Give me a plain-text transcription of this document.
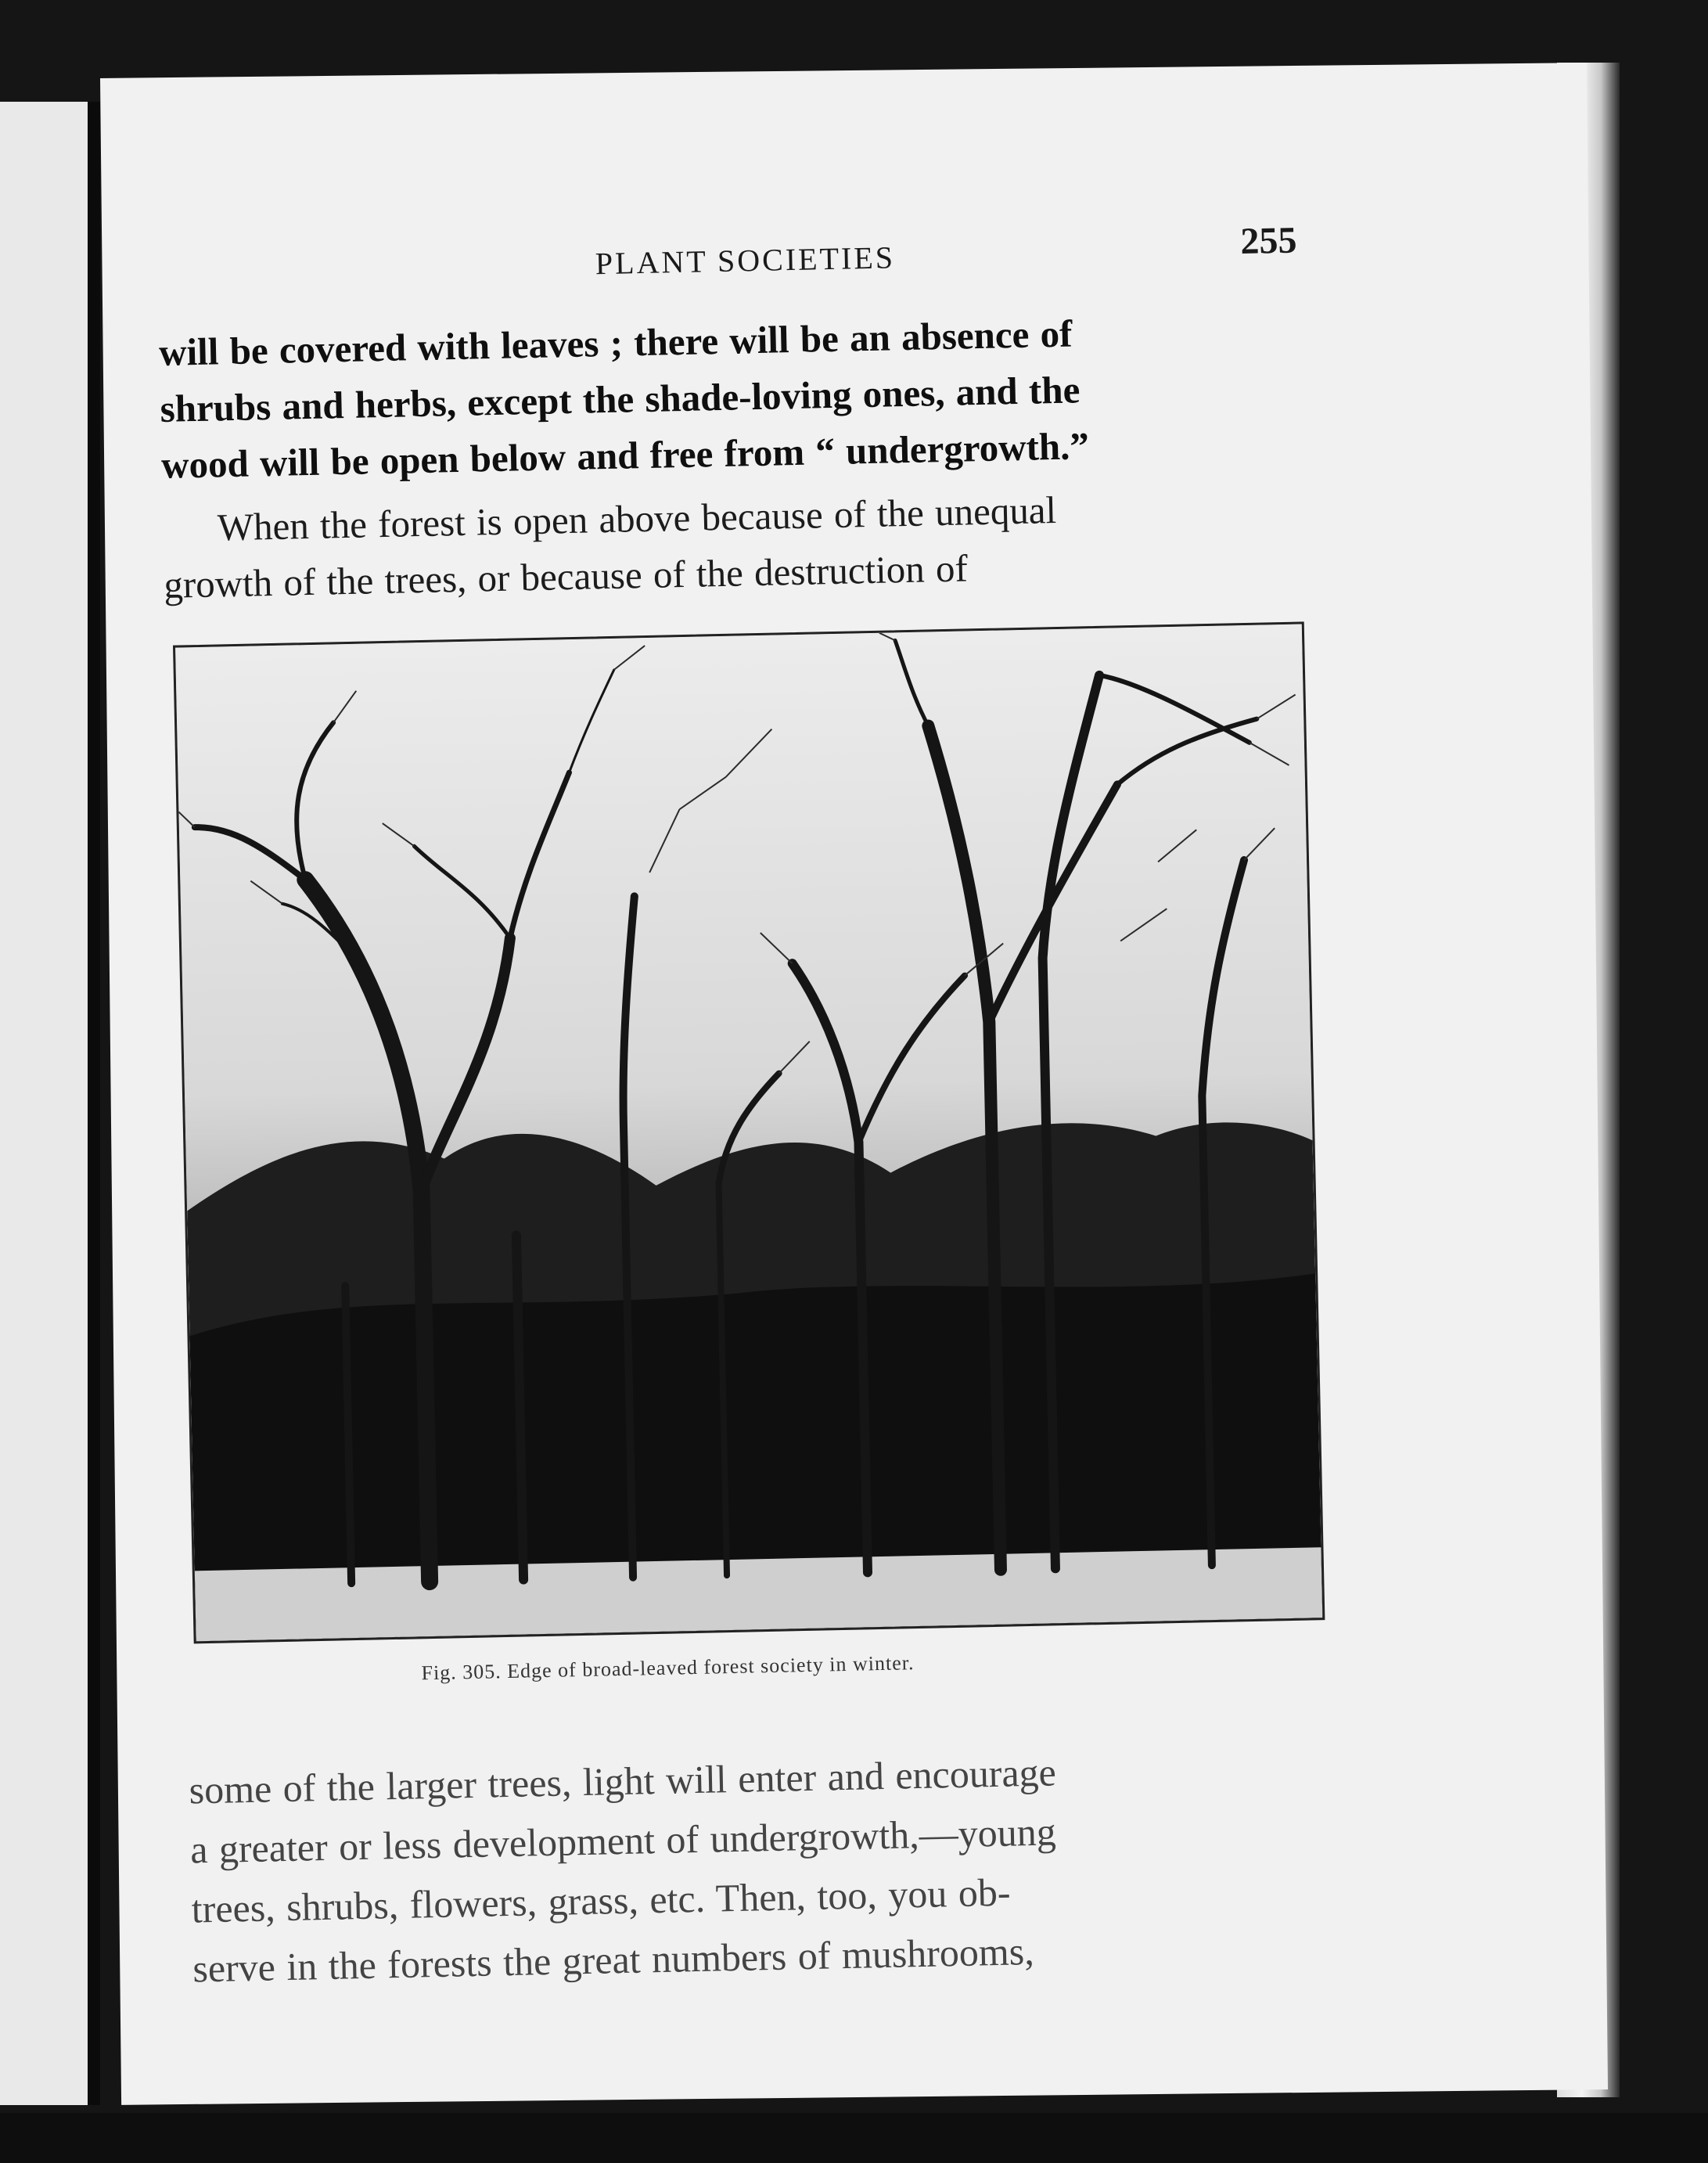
PLANT SOCIETIES	255

will be covered with leaves ; there will be an absence of
shrubs and herbs, except the shade-loving ones, and the
wood will be open below and free from “ undergrowth.”

When the forest is open above because of the unequal
growth of the trees, or because of the destruction of

Fig. 305. Edge of broad-leaved forest society in winter.

some of the larger trees, light will enter and encourage
a greater or less development of undergrowth,—young
trees, shrubs, flowers, grass, etc. Then, too, you ob-
serve in the forests the great numbers of mushrooms,
